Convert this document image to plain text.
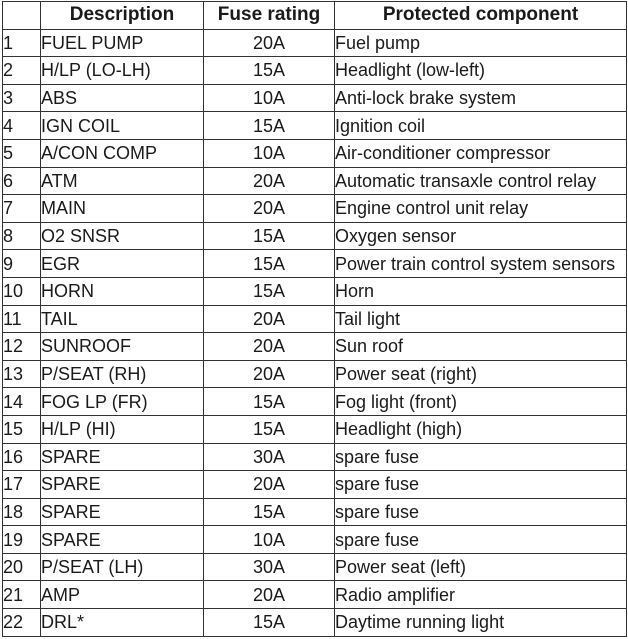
	Description	Fuse rating	Protected component
1	FUEL PUMP	20A	Fuel pump
2	H/LP (LO-LH)	15A	Headlight (low-left)
3	ABS	10A	Anti-lock brake system
4	IGN COIL	15A	Ignition coil
5	A/CON COMP	10A	Air-conditioner compressor
6	ATM	20A	Automatic transaxle control relay
7	MAIN	20A	Engine control unit relay
8	O2 SNSR	15A	Oxygen sensor
9	EGR	15A	Power train control system sensors
10	HORN	15A	Horn
11	TAIL	20A	Tail light
12	SUNROOF	20A	Sun roof
13	P/SEAT (RH)	20A	Power seat (right)
14	FOG LP (FR)	15A	Fog light (front)
15	H/LP (HI)	15A	Headlight (high)
16	SPARE	30A	spare fuse
17	SPARE	20A	spare fuse
18	SPARE	15A	spare fuse
19	SPARE	10A	spare fuse
20	P/SEAT (LH)	30A	Power seat (left)
21	AMP	20A	Radio amplifier
22	DRL*	15A	Daytime running light
